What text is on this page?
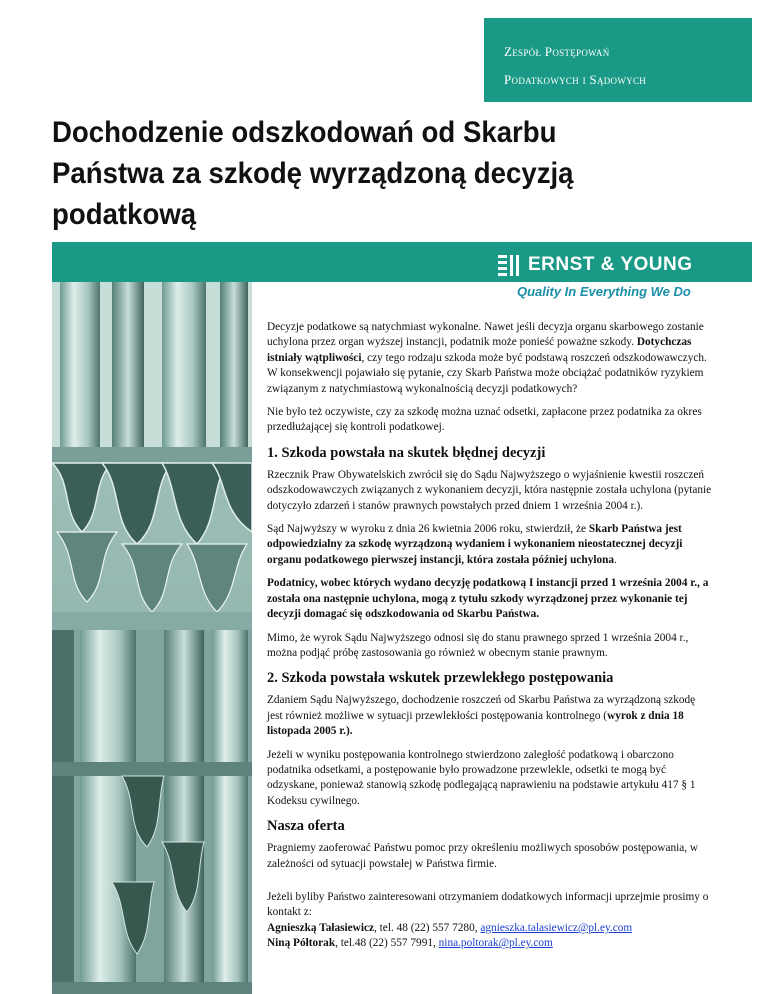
Zespół Postępowań
Podatkowych i Sądowych
Dochodzenie odszkodowań od Skarbu Państwa za szkodę wyrządzoną decyzją podatkową
ERNST & YOUNG
Quality In Everything We Do

Decyzje podatkowe są natychmiast wykonalne. Nawet jeśli decyzja organu skarbowego zostanie uchylona przez organ wyższej instancji, podatnik może ponieść poważne szkody. Dotychczas istniały wątpliwości, czy tego rodzaju szkoda może być podstawą roszczeń odszkodowawczych. W konsekwencji pojawiało się pytanie, czy Skarb Państwa może obciążać podatników ryzykiem związanym z natychmiastową wykonalnością decyzji podatkowych?

Nie było też oczywiste, czy za szkodę można uznać odsetki, zapłacone przez podatnika za okres przedłużającej się kontroli podatkowej.

1. Szkoda powstała na skutek błędnej decyzji

Rzecznik Praw Obywatelskich zwrócił się do Sądu Najwyższego o wyjaśnienie kwestii roszczeń odszkodowawczych związanych z wykonaniem decyzji, która następnie została uchylona (pytanie dotyczyło zdarzeń i stanów prawnych powstałych przed dniem 1 września 2004 r.).

Sąd Najwyższy w wyroku z dnia 26 kwietnia 2006 roku, stwierdził, że Skarb Państwa jest odpowiedzialny za szkodę wyrządzoną wydaniem i wykonaniem nieostatecznej decyzji organu podatkowego pierwszej instancji, która została później uchylona.

Podatnicy, wobec których wydano decyzję podatkową I instancji przed 1 września 2004 r., a została ona następnie uchylona, mogą z tytułu szkody wyrządzonej przez wykonanie tej decyzji domagać się odszkodowania od Skarbu Państwa.

Mimo, że wyrok Sądu Najwyższego odnosi się do stanu prawnego sprzed 1 września 2004 r., można podjąć próbę zastosowania go również w obecnym stanie prawnym.

2. Szkoda powstała wskutek przewlekłego postępowania

Zdaniem Sądu Najwyższego, dochodzenie roszczeń od Skarbu Państwa za wyrządzoną szkodę jest również możliwe w sytuacji przewlekłości postępowania kontrolnego (wyrok z dnia 18 listopada 2005 r.).

Jeżeli w wyniku postępowania kontrolnego stwierdzono zaległość podatkową i obarczono podatnika odsetkami, a postępowanie było prowadzone przewlekle, odsetki te mogą być odzyskane, ponieważ stanowią szkodę podlegającą naprawieniu na podstawie artykułu 417 § 1 Kodeksu cywilnego.

Nasza oferta

Pragniemy zaoferować Państwu pomoc przy określeniu możliwych sposobów postępowania, w zależności od sytuacji powstałej w Państwa firmie.

Jeżeli byliby Państwo zainteresowani otrzymaniem dodatkowych informacji uprzejmie prosimy o kontakt z:

Agnieszką Tałasiewicz, tel. 48 (22) 557 7280, agnieszka.talasiewicz@pl.ey.com

Niną Półtorak, tel.48 (22) 557 7991, nina.poltorak@pl.ey.com
